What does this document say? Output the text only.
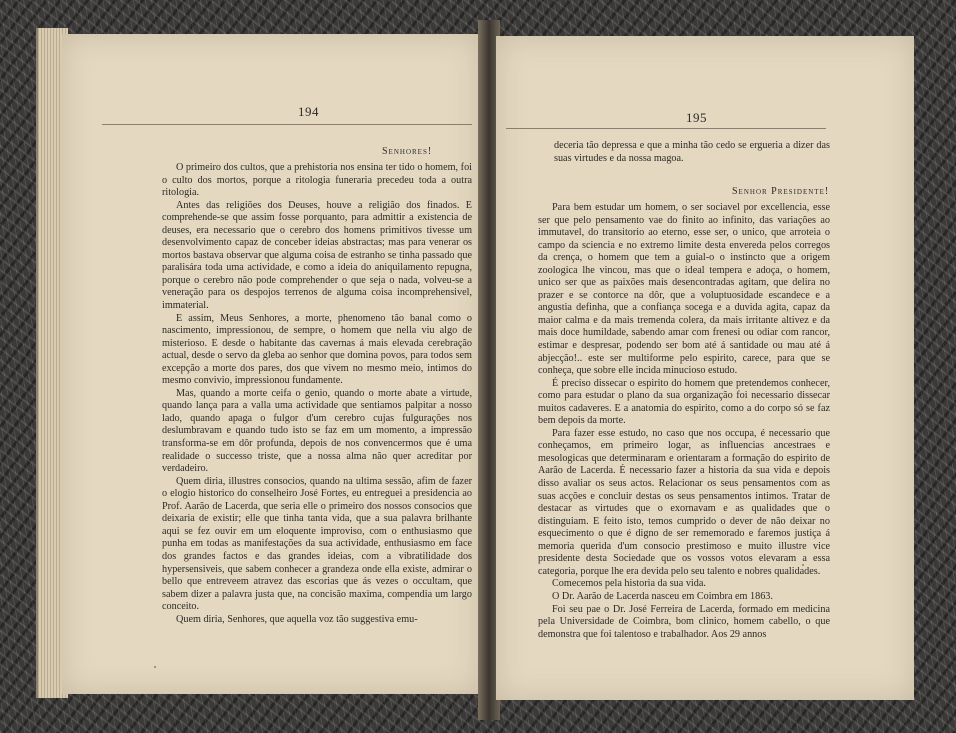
194
Senhores!

O primeiro dos cultos, que a prehistoria nos ensina ter tido o homem, foi o culto dos mortos, porque a ritologia funeraria precedeu toda a outra ritologia.

Antes das religiões dos Deuses, houve a religião dos finados. E comprehende-se que assim fosse porquanto, para admittir a existencia de deuses, era necessario que o cerebro dos homens primitivos tivesse um desenvolvimento capaz de conceber ideias abstractas; mas para venerar os mortos bastava observar que alguma coisa de estranho se tinha passado que paralisára toda uma actividade, e como a ideia do aniquilamento repugna, porque o cerebro não pode comprehender o que seja o nada, volveu-se a veneração para os despojos terrenos de alguma coisa incomprehensivel, immaterial.

E assim, Meus Senhores, a morte, phenomeno tão banal como o nascimento, impressionou, de sempre, o homem que nella viu algo de misterioso. E desde o habitante das cavernas á mais elevada cerebração actual, desde o servo da gleba ao senhor que domina povos, para todos sem excepção a morte dos pares, dos que vivem no mesmo meio, intimos do mesmo convivio, impressionou fundamente.

Mas, quando a morte ceifa o genio, quando o morte abate a virtude, quando lança para a valla uma actividade que sentiamos palpitar a nosso lado, quando apaga o fulgor d'um cerebro cujas fulgurações nos deslumbravam e quando tudo isto se faz em um momento, a impressão transforma-se em dôr profunda, depois de nos convencermos que é uma realidade o successo triste, que a nossa alma não quer acreditar por verdadeiro.

Quem diria, illustres consocios, quando na ultima sessão, afim de fazer o elogio historico do conselheiro José Fortes, eu entreguei a presidencia ao Prof. Aarão de Lacerda, que seria elle o primeiro dos nossos consocios que deixaria de existir; elle que tinha tanta vida, que a sua palavra brilhante aqui se fez ouvir em um eloquente improviso, com o enthusiasmo que punha em todas as manifestações da sua actividade, enthusiasmo em face dos grandes factos e das grandes ideias, com a vibratilidade dos hypersensiveis, que sabem conhecer a grandeza onde ella existe, admirar o bello que entreveem atravez das escorias que ás vezes o occultam, que sabem dizer a palavra justa que, na concisão maxima, compendia um largo conceito.

Quem diria, Senhores, que aquella voz tão suggestiva emu-

195

deceria tão depressa e que a minha tão cedo se ergueria a dizer das suas virtudes e da nossa magoa.

Senhor Presidente!

Para bem estudar um homem, o ser sociavel por excellencia, esse ser que pelo pensamento vae do finito ao infinito, das variações ao immutavel, do transitorio ao eterno, esse ser, o unico, que arroteia o campo da sciencia e no extremo limite desta envereda pelos corregos da crença, o homem que tem a guial-o o instincto que a origem zoologica lhe vincou, mas que o ideal tempera e adoça, o homem, unico ser que as paixões mais desencontradas agitam, que delira no prazer e se contorce na dôr, que a voluptuosidade escandece e a angustia definha, que a confiança socega e a duvida agita, capaz da maior calma e da mais tremenda colera, da mais irritante altivez e da mais doce humildade, sabendo amar com frenesi ou odiar com rancor, estimar e despresar, podendo ser bom até á santidade ou mau até á abjecção!.. este ser multiforme pelo espirito, carece, para que se conheça, que sobre elle incida minucioso estudo.

É preciso dissecar o espirito do homem que pretendemos conhecer, como para estudar o plano da sua organização foi necessario dissecar muitos cadaveres. E a anatomia do espirito, como a do corpo só se faz bem depois da morte.

Para fazer esse estudo, no caso que nos occupa, é necessario que conheçamos, em primeiro logar, as influencias ancestraes e mesologicas que determinaram e orientaram a formação do espirito de Aarão de Lacerda. É necessario fazer a historia da sua vida e depois disso avaliar os seus actos. Relacionar os seus pensamentos com as suas acções e concluir destas os seus pensamentos intimos. Tratar de destacar as virtudes que o exornavam e as qualidades que o distinguiam. E feito isto, temos cumprido o dever de não deixar no esquecimento o que é digno de ser rememorado e faremos justiça á memoria querida d'um consocio prestimoso e muito illustre vice presidente desta Sociedade que os vossos votos elevaram a essa categoria, porque lhe era devida pelo seu talento e nobres qualidades.

Comecemos pela historia da sua vida.

O Dr. Aarão de Lacerda nasceu em Coimbra em 1863.

Foi seu pae o Dr. José Ferreira de Lacerda, formado em medicina pela Universidade de Coimbra, bom clinico, homem cabello, o que demonstra que foi talentoso e trabalhador. Aos 29 annos
